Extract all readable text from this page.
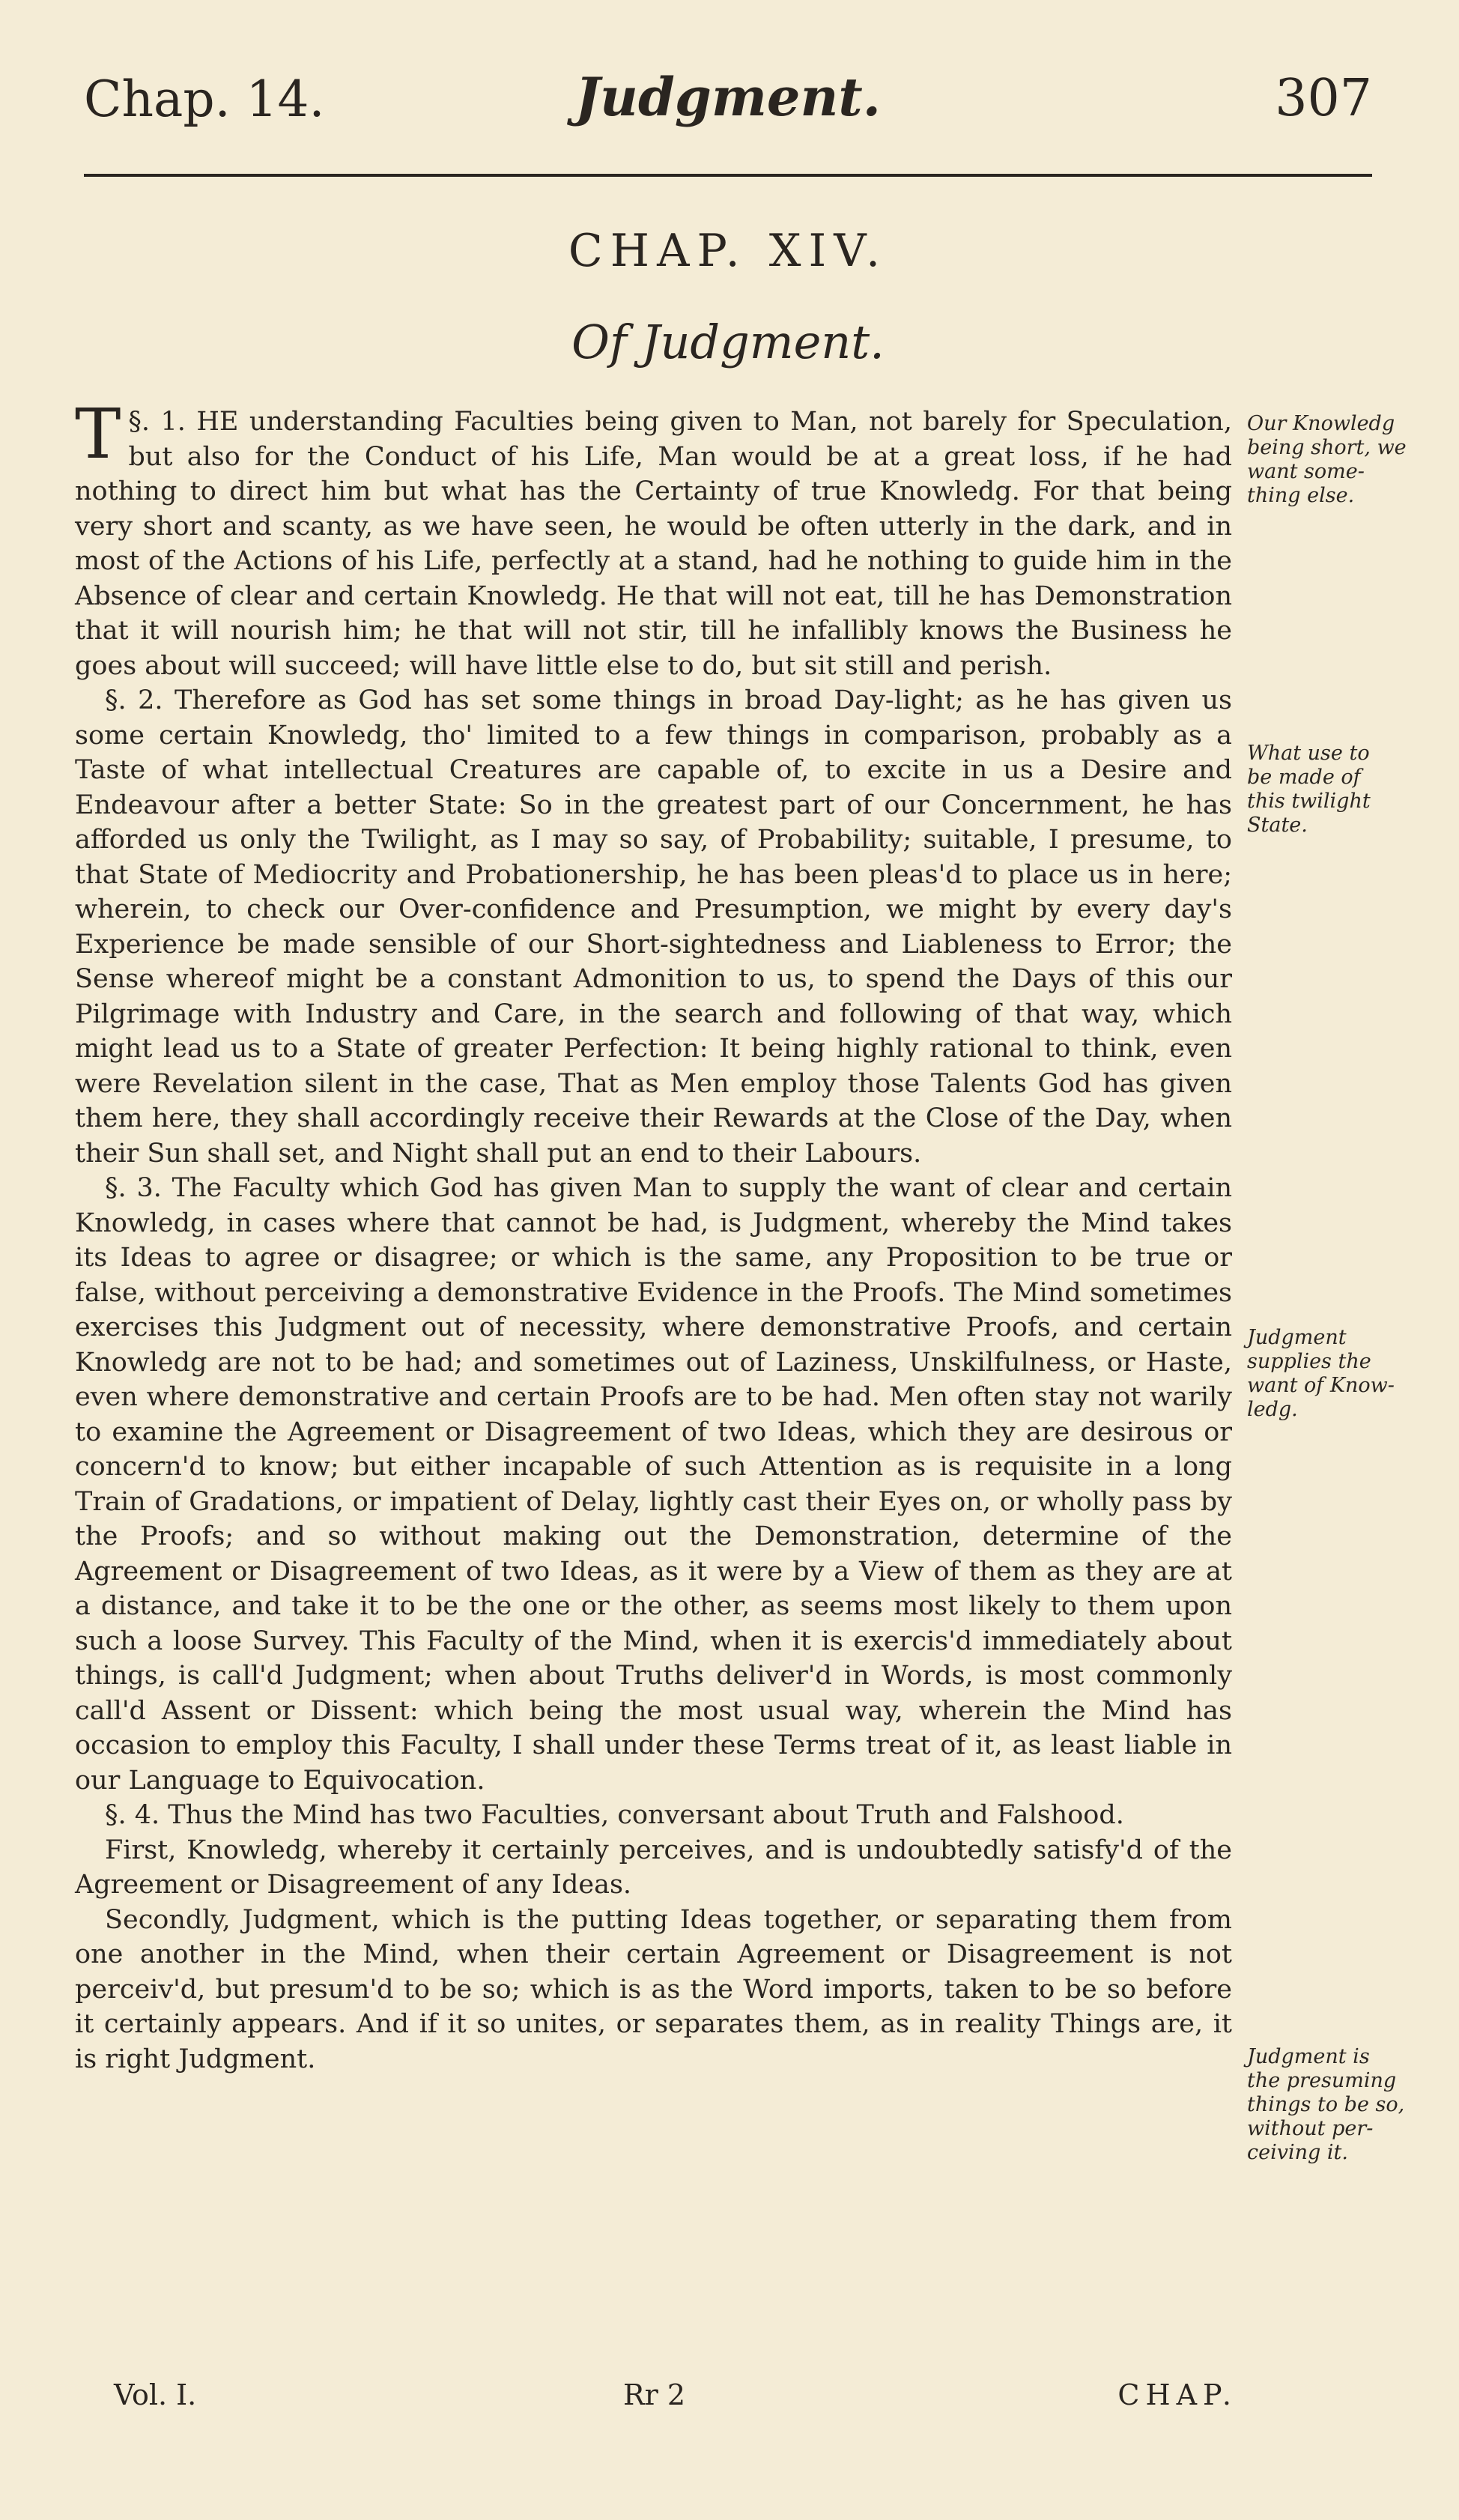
Chap. 14.	Judgment.	307
CHAP. XIV.
Of Judgment.

§. 1.
T	HE understanding Faculties being given to Man, not barely for Speculation, but also for the Conduct of his Life, Man would be at a great loss, if he had nothing to direct him but what has the Certainty of true Knowledg. For that being very short and scanty, as we have seen, he would be often utterly in the dark, and in most of the Actions of his Life, perfectly at a stand, had he nothing to guide him in the Absence of clear and certain Knowledg. He that will not eat, till he has Demonstration that it will nourish him; he that will not stir, till he infallibly knows the Business he goes about will succeed; will have little else to do, but sit still and perish.

§. 2. Therefore as God has set some things in broad Day-light; as he has given us some certain Knowledg, tho' limited to a few things in comparison, probably as a Taste of what intellectual Creatures are capable of, to excite in us a Desire and Endeavour after a better State: So in the greatest part of our Concernment, he has afforded us only the Twilight, as I may so say, of Probability; suitable, I presume, to that State of Mediocrity and Probationership, he has been pleas'd to place us in here; wherein, to check our Over-confidence and Presumption, we might by every day's Experience be made sensible of our Short-sightedness and Liableness to Error; the Sense whereof might be a constant Admonition to us, to spend the Days of this our Pilgrimage with Industry and Care, in the search and following of that way, which might lead us to a State of greater Perfection: It being highly rational to think, even were Revelation silent in the case, That as Men employ those Talents God has given them here, they shall accordingly receive their Rewards at the Close of the Day, when their Sun shall set, and Night shall put an end to their Labours.

§. 3. The Faculty which God has given Man to supply the want of clear and certain Knowledg, in cases where that cannot be had, is Judgment, whereby the Mind takes its Ideas to agree or disagree; or which is the same, any Proposition to be true or false, without perceiving a demonstrative Evidence in the Proofs. The Mind sometimes exercises this Judgment out of necessity, where demonstrative Proofs, and certain Knowledg are not to be had; and sometimes out of Laziness, Unskilfulness, or Haste, even where demonstrative and certain Proofs are to be had. Men often stay not warily to examine the Agreement or Disagreement of two Ideas, which they are desirous or concern'd to know; but either incapable of such Attention as is requisite in a long Train of Gradations, or impatient of Delay, lightly cast their Eyes on, or wholly pass by the Proofs; and so without making out the Demonstration, determine of the Agreement or Disagreement of two Ideas, as it were by a View of them as they are at a distance, and take it to be the one or the other, as seems most likely to them upon such a loose Survey. This Faculty of the Mind, when it is exercis'd immediately about things, is call'd Judgment; when about Truths deliver'd in Words, is most commonly call'd Assent or Dissent: which being the most usual way, wherein the Mind has occasion to employ this Faculty, I shall under these Terms treat of it, as least liable in our Language to Equivocation.

§. 4. Thus the Mind has two Faculties, conversant about Truth and Falshood.

First, Knowledg, whereby it certainly perceives, and is undoubtedly satisfy'd of the Agreement or Disagreement of any Ideas.

Secondly, Judgment, which is the putting Ideas together, or separating them from one another in the Mind, when their certain Agreement or Disagreement is not perceiv'd, but presum'd to be so; which is as the Word imports, taken to be so before it certainly appears. And if it so unites, or separates them, as in reality Things are, it is right Judgment.

Our Knowledg
being short, we
want some-
thing else.
What use to
be made of
this twilight
State.
Judgment
supplies the
want of Know-
ledg.
Judgment is
the presuming
things to be so,
without per-
ceiving it.
Vol. I.	Rr 2	CHAP.
